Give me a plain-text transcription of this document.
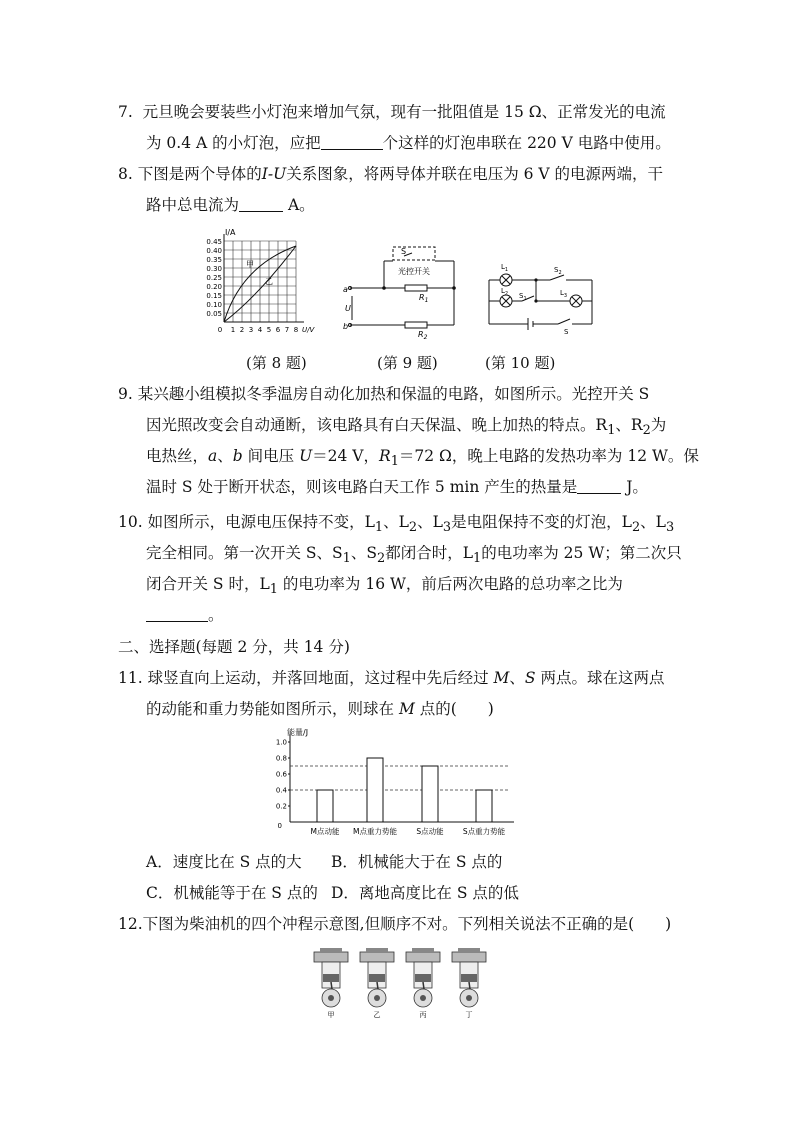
7. 元旦晚会要装些小灯泡来增加气氛，现有一批阻值是 15 Ω、正常发光的电流
为 0.4 A 的小灯泡，应把	个这样的灯泡串联在 220 V 电路中使用。
8. 下图是两个导体的I-U关系图象，将两导体并联在电压为 6 V 的电源两端，干
路中总电流为	A。
I/A
甲
乙
0.45
0.40
0.35
0.30
0.25
0.20
0.15
0.10
0.05
0 1 2 3 4 5 6 7 8 U/V
S
光控开关
$R_1$
$R_2$
a
b
U
$L_1$
$L_2$	$L_3$
$S_1$
$S_2$
S
(第 8 题)	(第 9 题)	(第 10 题)
9. 某兴趣小组模拟冬季温房自动化加热和保温的电路，如图所示。光控开关 S
因光照改变会自动通断，该电路具有白天保温、晚上加热的特点。$R_1$、$R_2$为
电热丝，a、b 间电压 U＝24 V，$R_1=72$ Ω，晚上电路的发热功率为 12 W。保
温时 S 处于断开状态，则该电路白天工作 5 min 产生的热量是	J。
10. 如图所示，电源电压保持不变，$L_1$、$L_2$、$L_3$是电阻保持不变的灯泡，$L_2$、$L_3$
完全相同。第一次开关 S、$S_1$、$S_2$都闭合时，$L_1$的电功率为 25 W；第二次只
闭合开关 S 时，$L_1$ 的电功率为 16 W，前后两次电路的总功率之比为
。
二、选择题(每题 2 分，共 14 分)
11. 球竖直向上运动，并落回地面，这过程中先后经过 M、S 两点。球在这两点
的动能和重力势能如图所示，则球在 M 点的(　　)
能量/J
1.0
0.8
0.6
0.4
0.2
0
M点动能 M点重力势能	S点动能	S点重力势能
A．速度比在 S 点的大 B．机械能大于在 S 点的
C．机械能等于在 S 点的 D．离地高度比在 S 点的低
12.下图为柴油机的四个冲程示意图,但顺序不对。下列相关说法不正确的是(　　)
甲	乙	丙	丁
